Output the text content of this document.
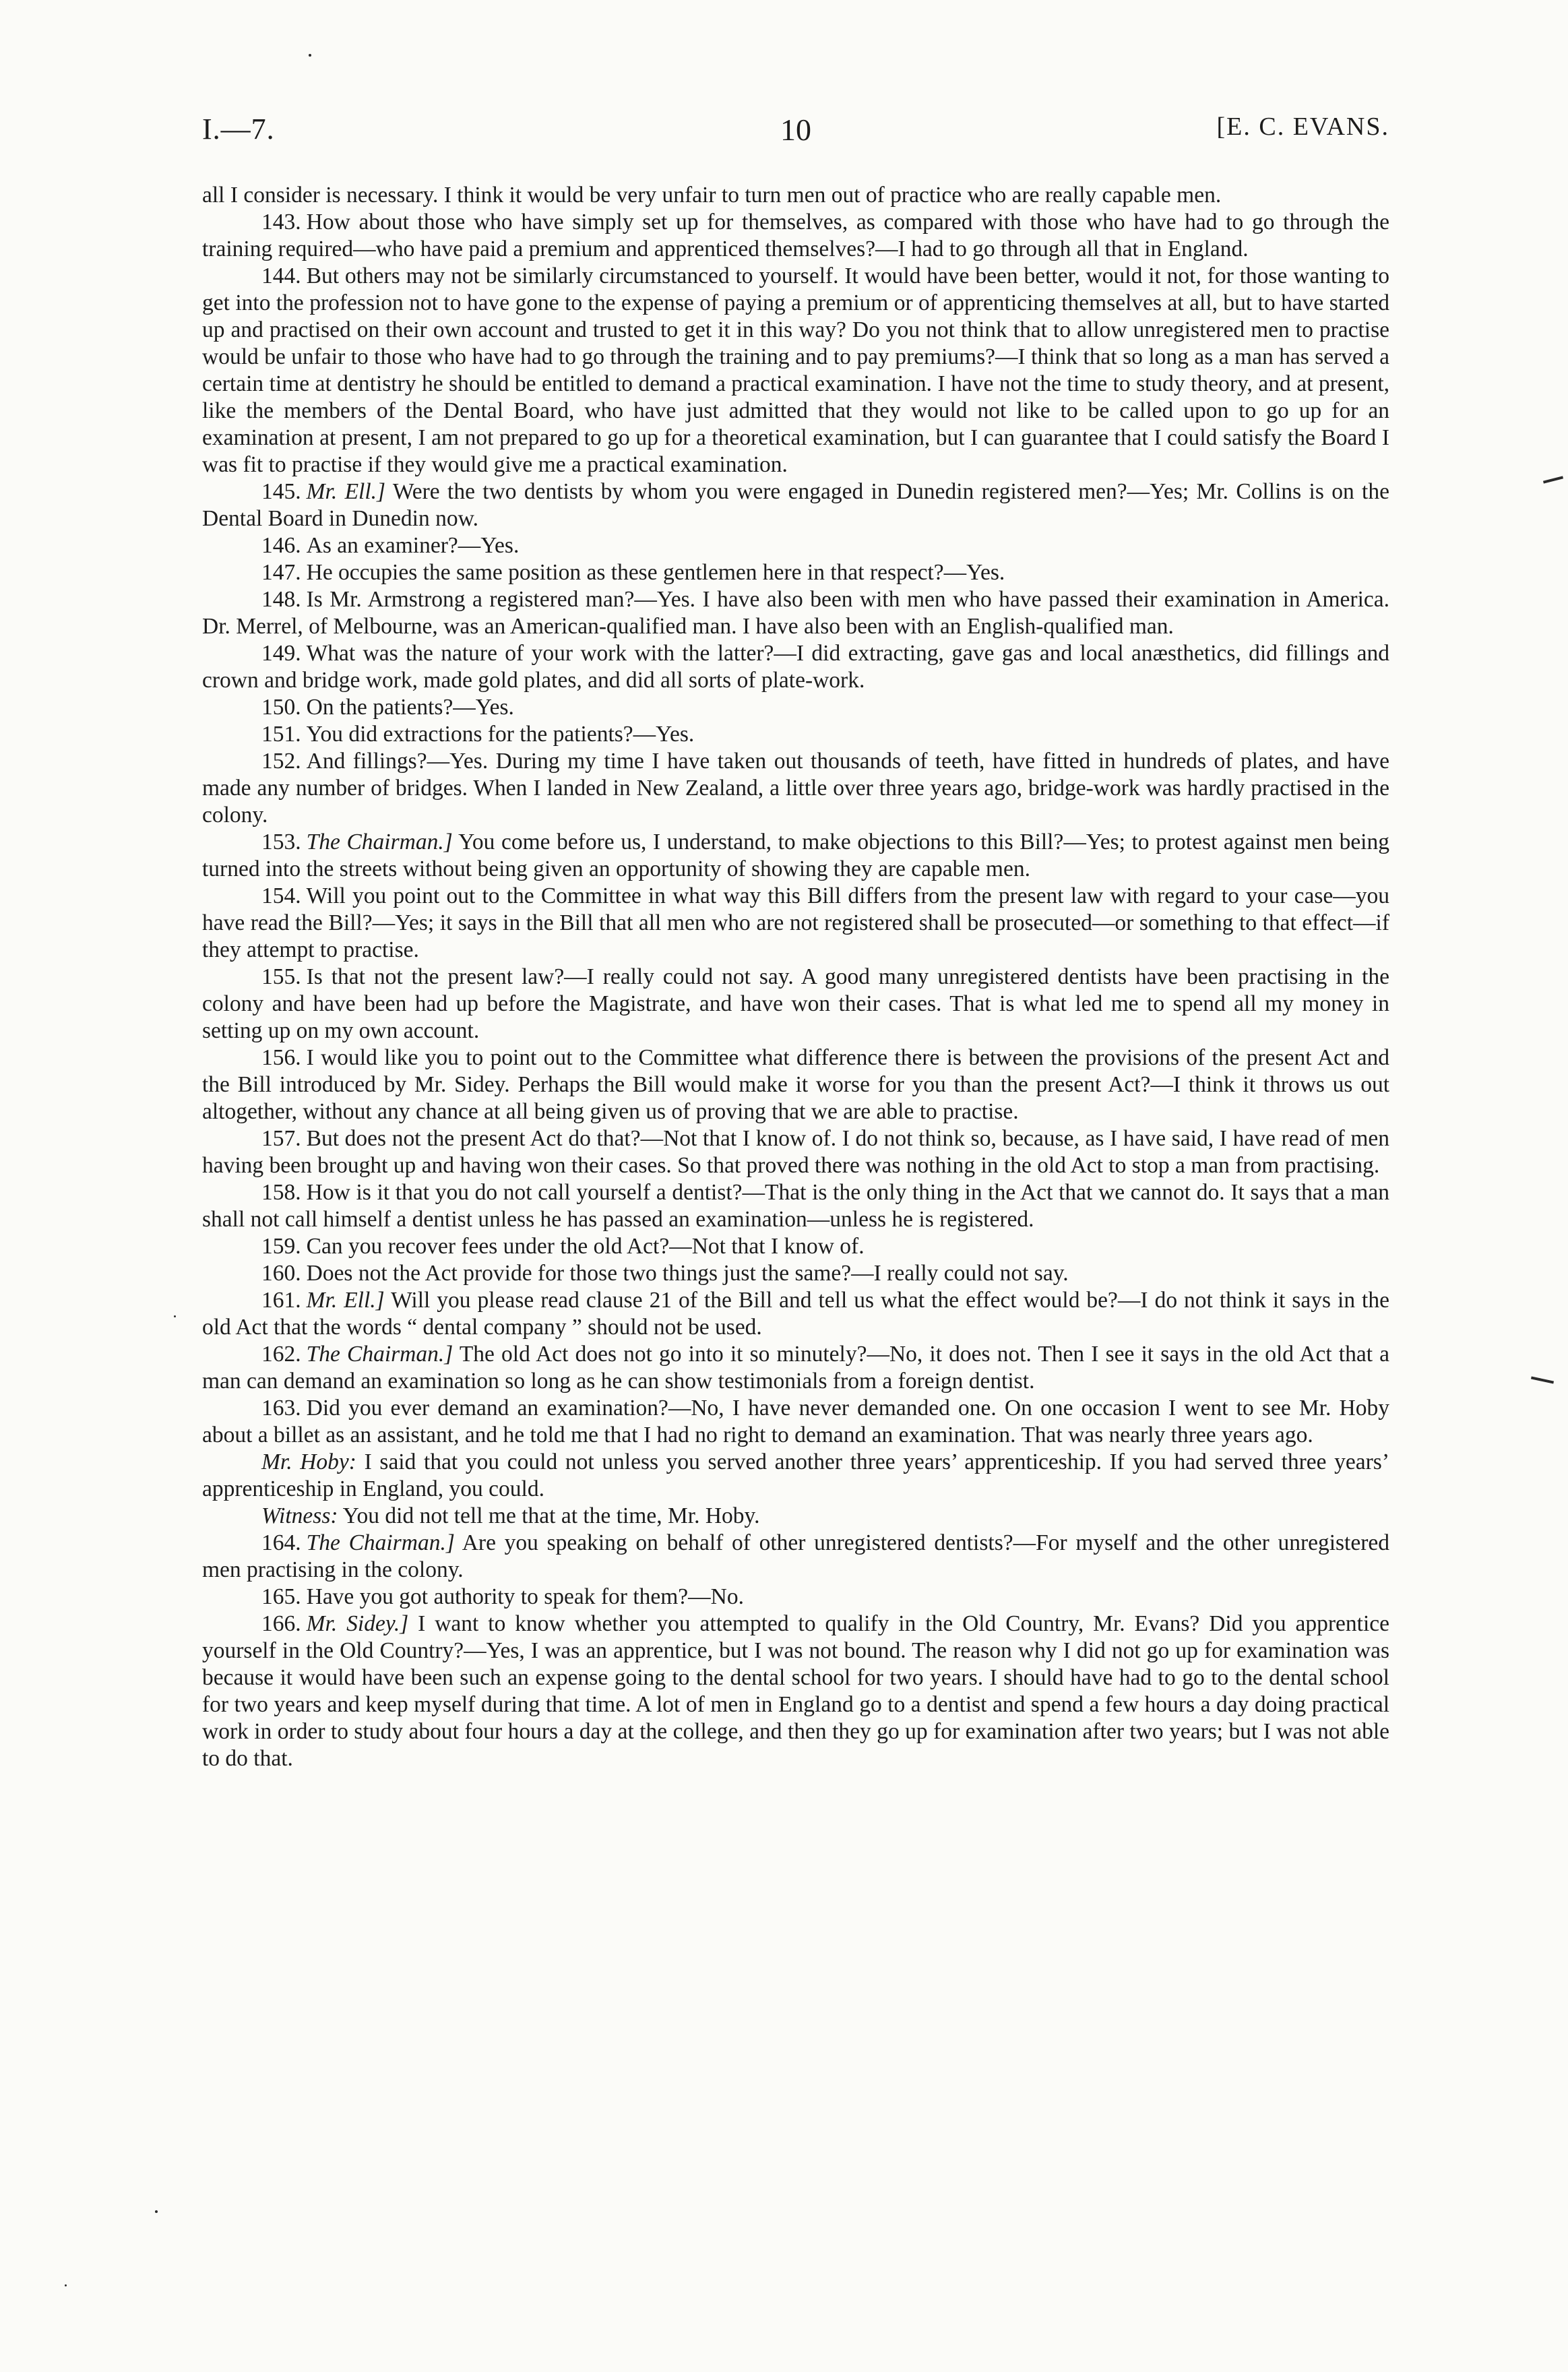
I.—7.	10	[E. C. EVANS.

all I consider is necessary. I think it would be very unfair to turn men out of practice who are really capable men.

143. How about those who have simply set up for themselves, as compared with those who have had to go through the training required—who have paid a premium and apprenticed themselves?—I had to go through all that in England.

144. But others may not be similarly circumstanced to yourself. It would have been better, would it not, for those wanting to get into the profession not to have gone to the expense of paying a premium or of apprenticing themselves at all, but to have started up and practised on their own account and trusted to get it in this way? Do you not think that to allow unregistered men to practise would be unfair to those who have had to go through the training and to pay premiums?—I think that so long as a man has served a certain time at dentistry he should be entitled to demand a practical examination. I have not the time to study theory, and at present, like the members of the Dental Board, who have just admitted that they would not like to be called upon to go up for an examination at present, I am not prepared to go up for a theoretical examination, but I can guarantee that I could satisfy the Board I was fit to practise if they would give me a practical examination.

145. Mr. Ell.] Were the two dentists by whom you were engaged in Dunedin registered men?—Yes; Mr. Collins is on the Dental Board in Dunedin now.

146. As an examiner?—Yes.

147. He occupies the same position as these gentlemen here in that respect?—Yes.

148. Is Mr. Armstrong a registered man?—Yes. I have also been with men who have passed their examination in America. Dr. Merrel, of Melbourne, was an American-qualified man. I have also been with an English-qualified man.

149. What was the nature of your work with the latter?—I did extracting, gave gas and local anæsthetics, did fillings and crown and bridge work, made gold plates, and did all sorts of plate-work.

150. On the patients?—Yes.

151. You did extractions for the patients?—Yes.

152. And fillings?—Yes. During my time I have taken out thousands of teeth, have fitted in hundreds of plates, and have made any number of bridges. When I landed in New Zealand, a little over three years ago, bridge-work was hardly practised in the colony.

153. The Chairman.] You come before us, I understand, to make objections to this Bill?—Yes; to protest against men being turned into the streets without being given an opportunity of showing they are capable men.

154. Will you point out to the Committee in what way this Bill differs from the present law with regard to your case—you have read the Bill?—Yes; it says in the Bill that all men who are not registered shall be prosecuted—or something to that effect—if they attempt to practise.

155. Is that not the present law?—I really could not say. A good many unregistered dentists have been practising in the colony and have been had up before the Magistrate, and have won their cases. That is what led me to spend all my money in setting up on my own account.

156. I would like you to point out to the Committee what difference there is between the provisions of the present Act and the Bill introduced by Mr. Sidey. Perhaps the Bill would make it worse for you than the present Act?—I think it throws us out altogether, without any chance at all being given us of proving that we are able to practise.

157. But does not the present Act do that?—Not that I know of. I do not think so, because, as I have said, I have read of men having been brought up and having won their cases. So that proved there was nothing in the old Act to stop a man from practising.

158. How is it that you do not call yourself a dentist?—That is the only thing in the Act that we cannot do. It says that a man shall not call himself a dentist unless he has passed an examination—unless he is registered.

159. Can you recover fees under the old Act?—Not that I know of.

160. Does not the Act provide for those two things just the same?—I really could not say.

161. Mr. Ell.] Will you please read clause 21 of the Bill and tell us what the effect would be?—I do not think it says in the old Act that the words “ dental company ” should not be used.

162. The Chairman.] The old Act does not go into it so minutely?—No, it does not. Then I see it says in the old Act that a man can demand an examination so long as he can show testimonials from a foreign dentist.

163. Did you ever demand an examination?—No, I have never demanded one. On one occasion I went to see Mr. Hoby about a billet as an assistant, and he told me that I had no right to demand an examination. That was nearly three years ago.

Mr. Hoby: I said that you could not unless you served another three years’ apprenticeship. If you had served three years’ apprenticeship in England, you could.

Witness: You did not tell me that at the time, Mr. Hoby.

164. The Chairman.] Are you speaking on behalf of other unregistered dentists?—For myself and the other unregistered men practising in the colony.

165. Have you got authority to speak for them?—No.

166. Mr. Sidey.] I want to know whether you attempted to qualify in the Old Country, Mr. Evans? Did you apprentice yourself in the Old Country?—Yes, I was an apprentice, but I was not bound. The reason why I did not go up for examination was because it would have been such an expense going to the dental school for two years. I should have had to go to the dental school for two years and keep myself during that time. A lot of men in England go to a dentist and spend a few hours a day doing practical work in order to study about four hours a day at the college, and then they go up for examination after two years; but I was not able to do that.
